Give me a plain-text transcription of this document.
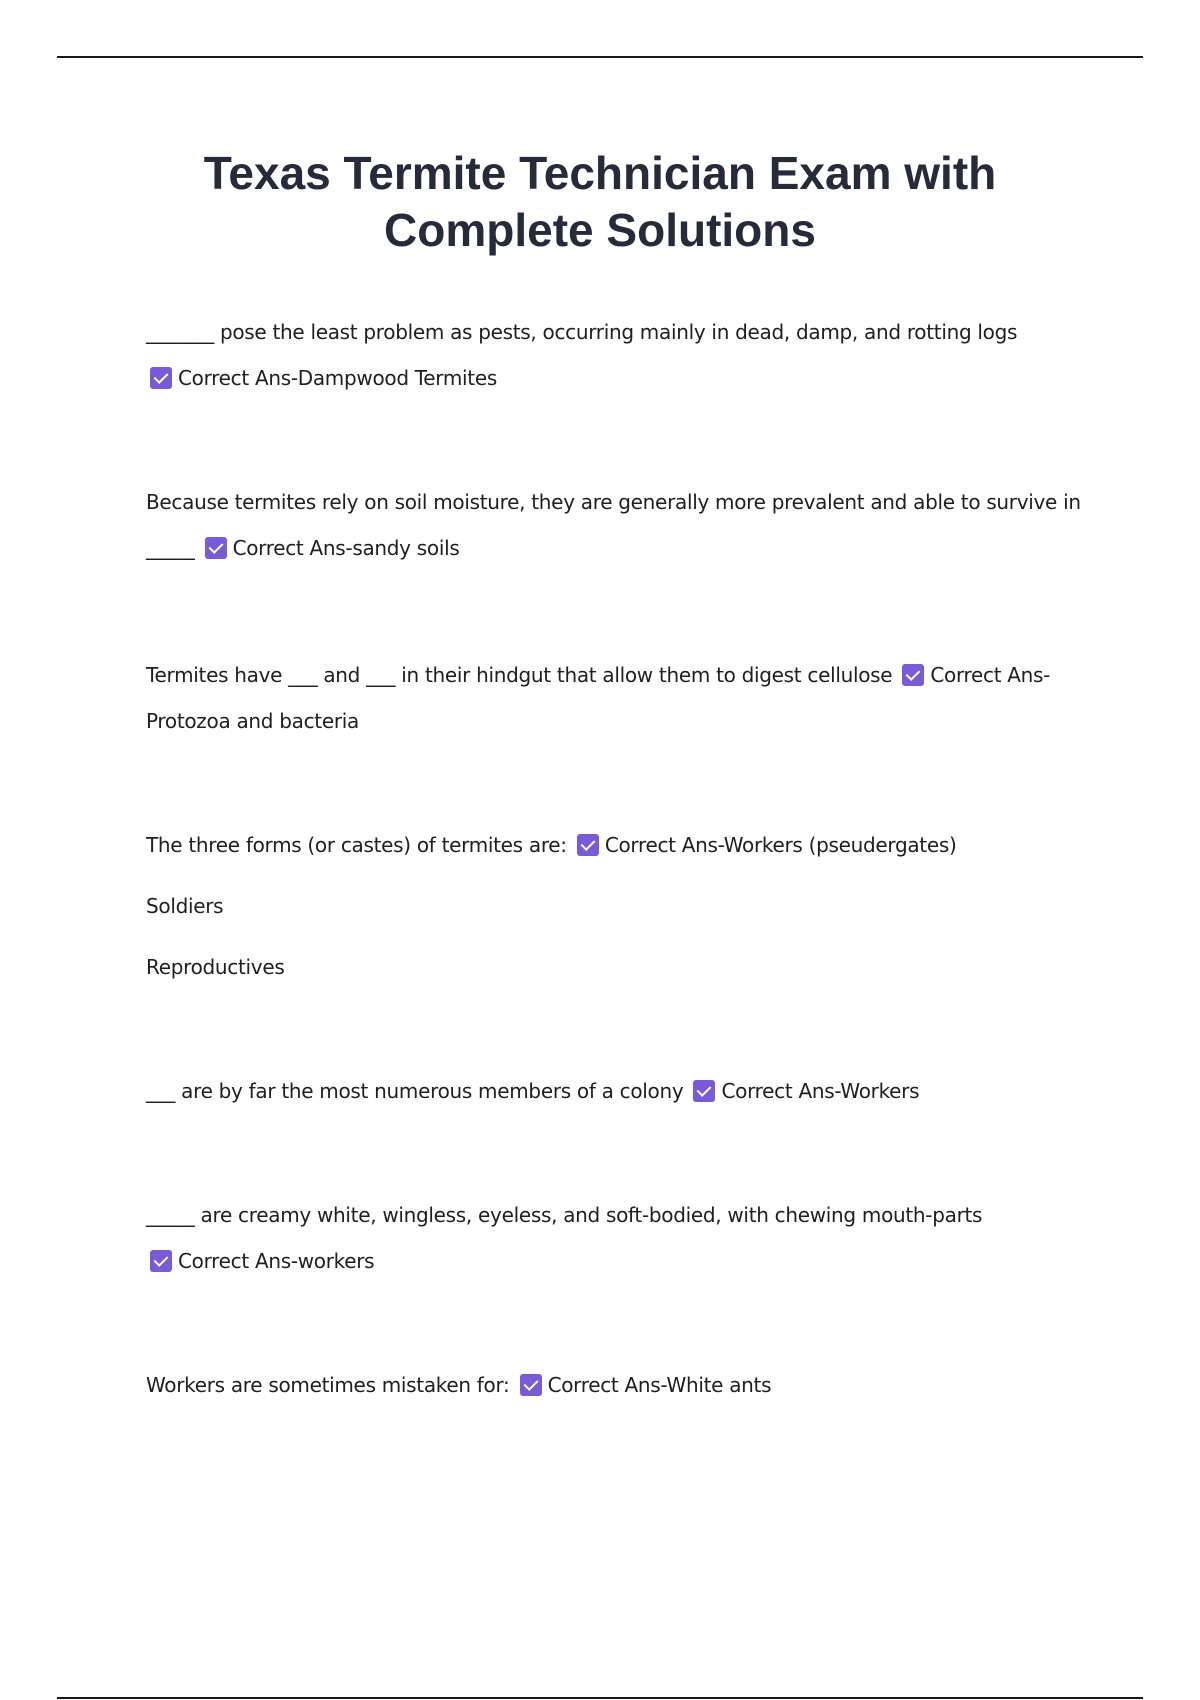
Texas Termite Technician Exam with
Complete Solutions
_______ pose the least problem as pests, occurring mainly in dead, damp, and rotting logs
Correct Ans-Dampwood Termites
Because termites rely on soil moisture, they are generally more prevalent and able to survive in
_____ Correct Ans-sandy soils
Termites have ___ and ___ in their hindgut that allow them to digest cellulose Correct Ans-
Protozoa and bacteria
The three forms (or castes) of termites are: Correct Ans-Workers (pseudergates)
Soldiers
Reproductives
___ are by far the most numerous members of a colony Correct Ans-Workers
_____ are creamy white, wingless, eyeless, and soft-bodied, with chewing mouth-parts
Correct Ans-workers
Workers are sometimes mistaken for: Correct Ans-White ants
